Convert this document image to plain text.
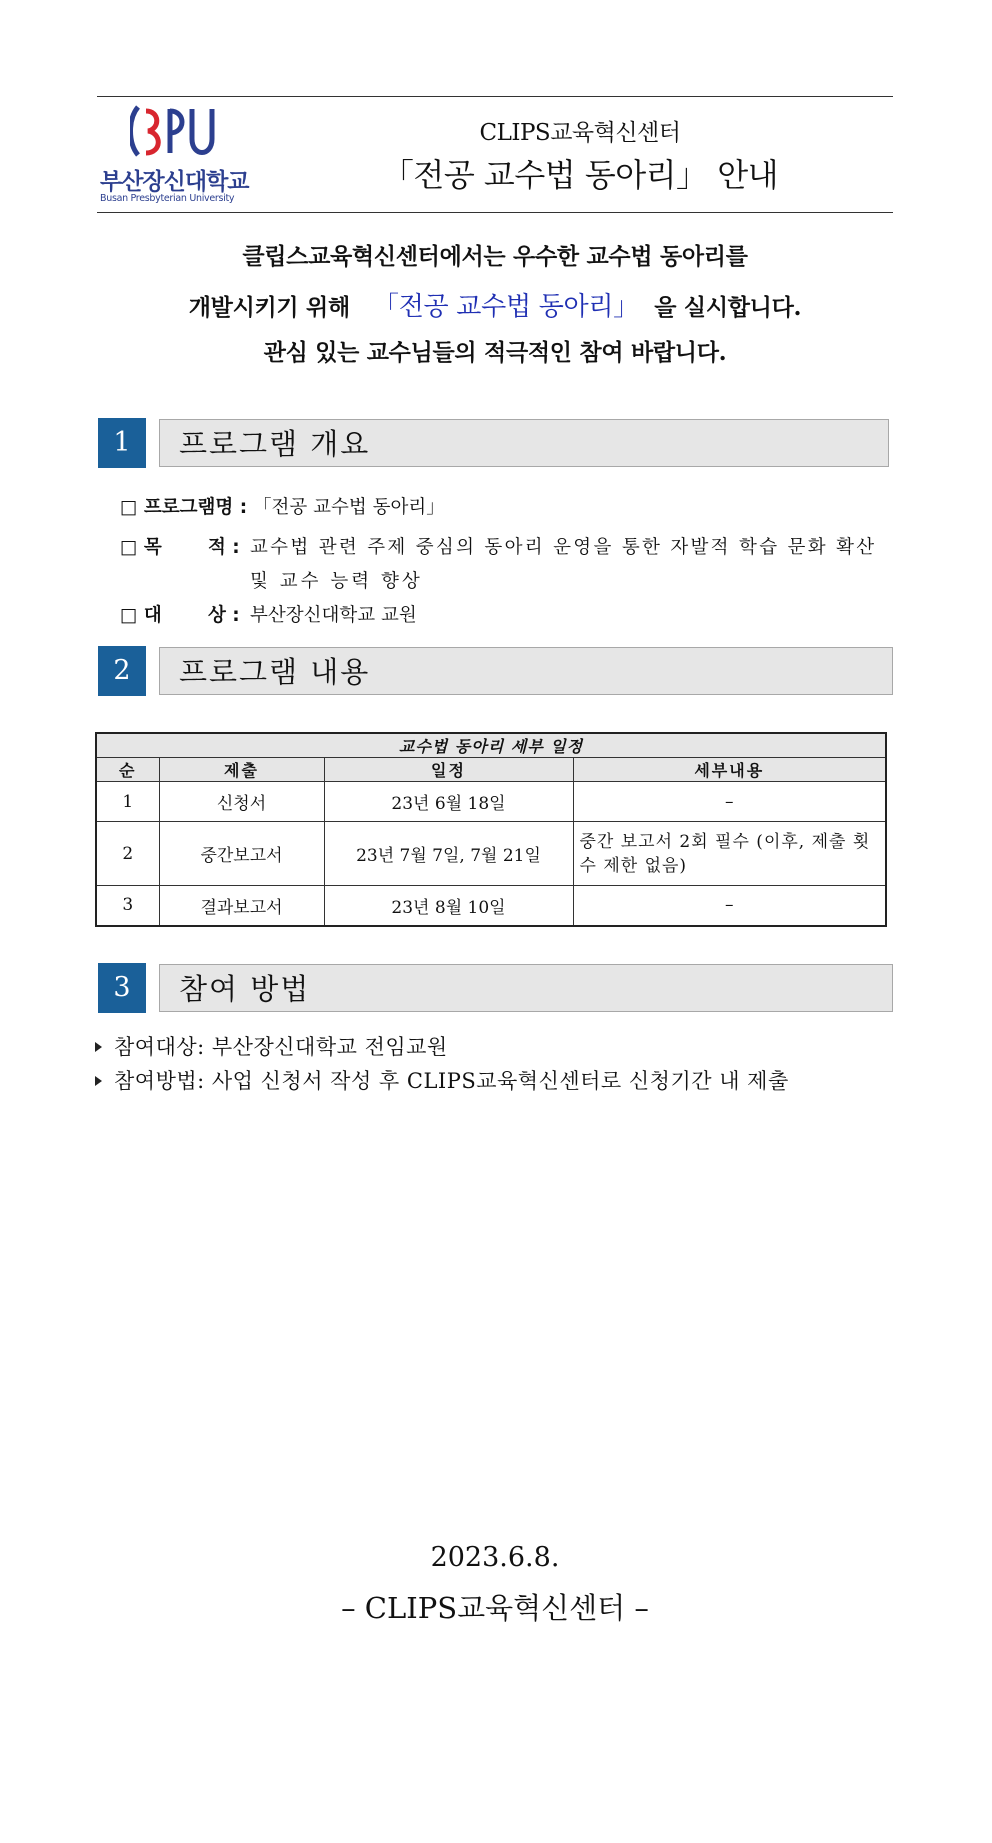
부산장신대학교
Busan Presbyterian University
CLIPS교육혁신센터
「전공 교수법 동아리」 안내
클립스교육혁신센터에서는 우수한 교수법 동아리를
개발시키기 위해 「전공 교수법 동아리」 을 실시합니다.
관심 있는 교수님들의 적극적인 참여 바랍니다.
1	프로그램 개요
□ 프로그램명 : 「전공 교수법 동아리」
□ 목 적 : 교수법 관련 주제 중심의 동아리 운영을 통한 자발적 학습 문화 확산
및 교수 능력 향상
□ 대 상 : 부산장신대학교 교원
2	프로그램 내용
교수법 동아리 세부 일정			
순	제출	일정	세부내용
1	신청서	23년 6월 18일	–
2	중간보고서	23년 7월 7일, 7월 21일	중간 보고서 2회 필수 (이후, 제출 횟수 제한 없음)
3	결과보고서	23년 8월 10일	–
3	참여 방법
참여대상: 부산장신대학교 전임교원
참여방법: 사업 신청서 작성 후 CLIPS교육혁신센터로 신청기간 내 제출
2023.6.8.
– CLIPS교육혁신센터 –
